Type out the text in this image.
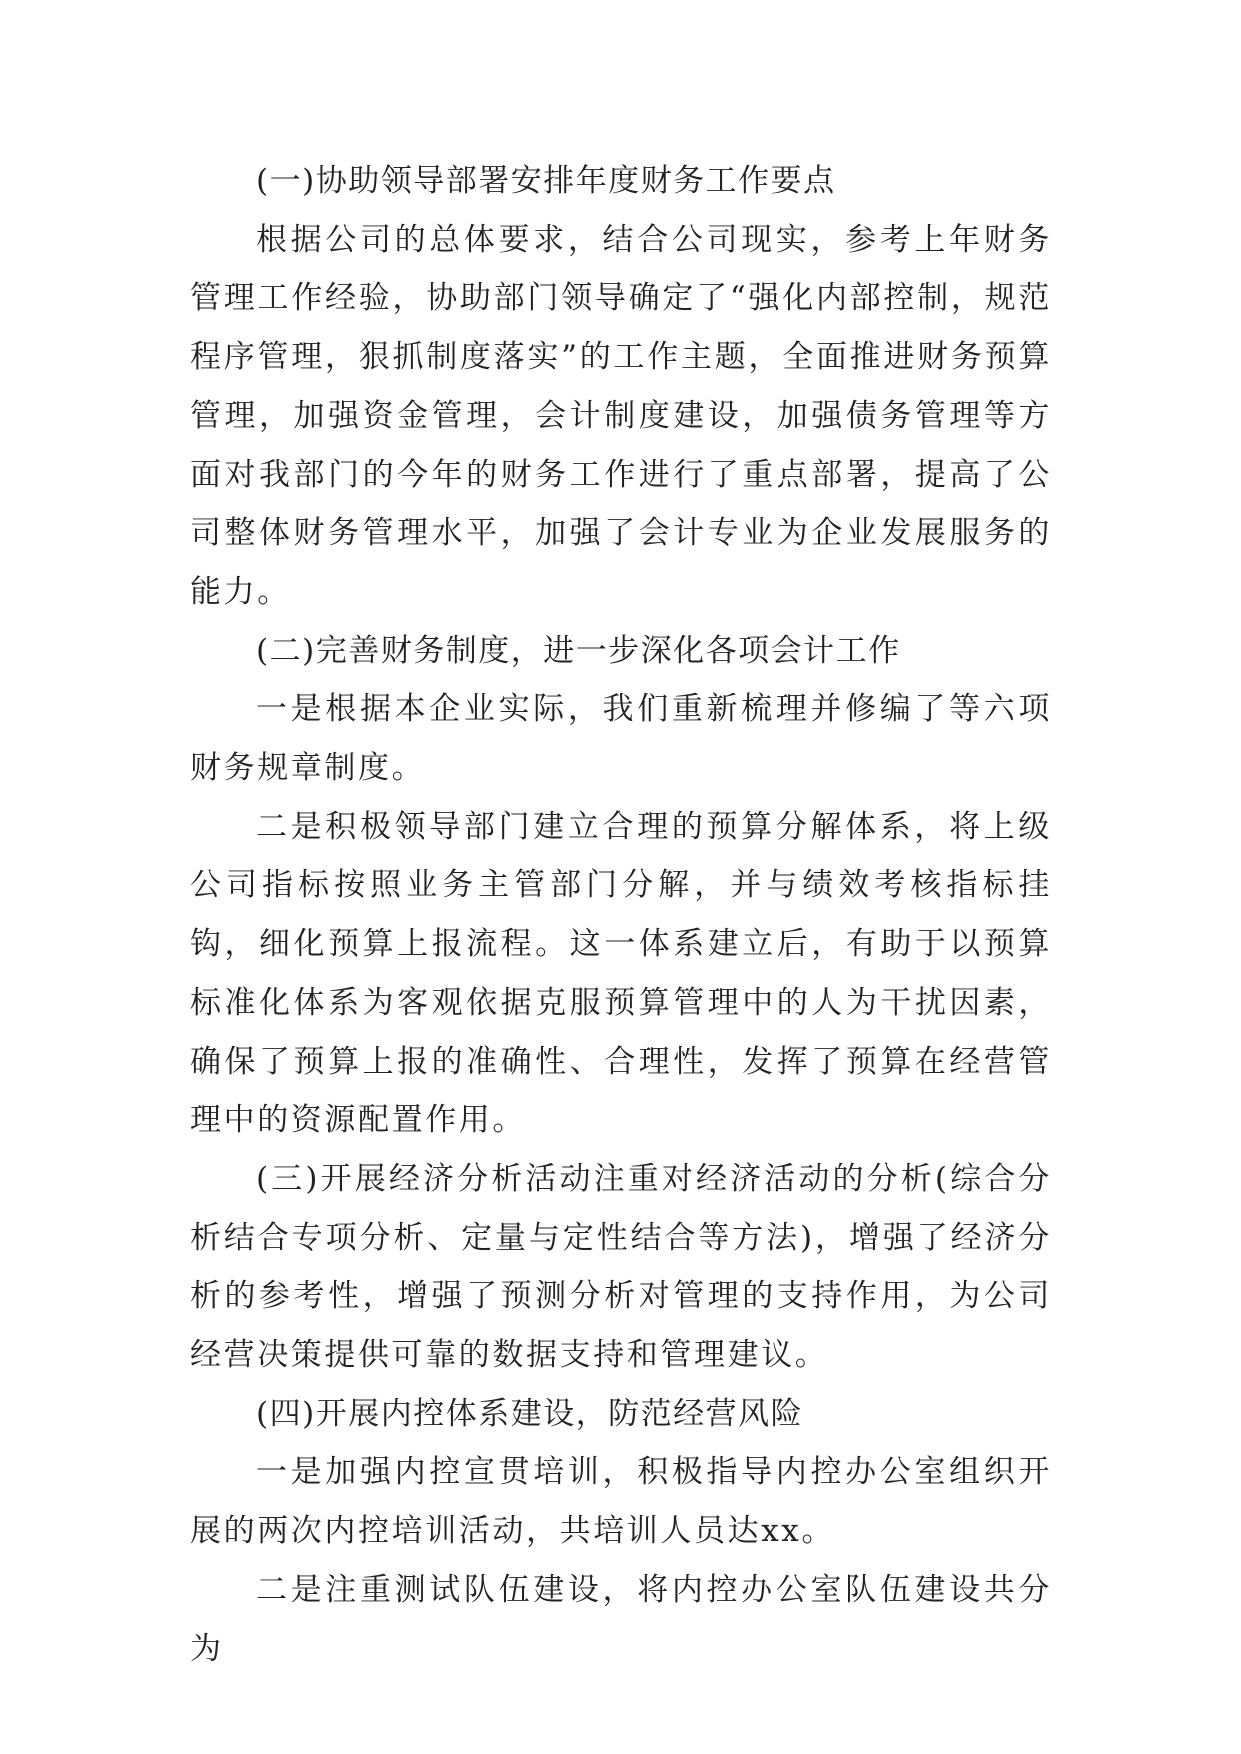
(一)协助领导部署安排年度财务工作要点

根据公司的总体要求，结合公司现实，参考上年财务管理工作经验，协助部门领导确定了“强化内部控制，规范程序管理，狠抓制度落实”的工作主题，全面推进财务预算管理，加强资金管理，会计制度建设，加强债务管理等方面对我部门的今年的财务工作进行了重点部署，提高了公司整体财务管理水平，加强了会计专业为企业发展服务的能力。

(二)完善财务制度，进一步深化各项会计工作

一是根据本企业实际，我们重新梳理并修编了等六项财务规章制度。

二是积极领导部门建立合理的预算分解体系，将上级公司指标按照业务主管部门分解，并与绩效考核指标挂钩，细化预算上报流程。这一体系建立后，有助于以预算标准化体系为客观依据克服预算管理中的人为干扰因素，确保了预算上报的准确性、合理性，发挥了预算在经营管理中的资源配置作用。

(三)开展经济分析活动注重对经济活动的分析(综合分析结合专项分析、定量与定性结合等方法)，增强了经济分析的参考性，增强了预测分析对管理的支持作用，为公司经营决策提供可靠的数据支持和管理建议。

(四)开展内控体系建设，防范经营风险

一是加强内控宣贯培训，积极指导内控办公室组织开展的两次内控培训活动，共培训人员达xx。

二是注重测试队伍建设，将内控办公室队伍建设共分为
